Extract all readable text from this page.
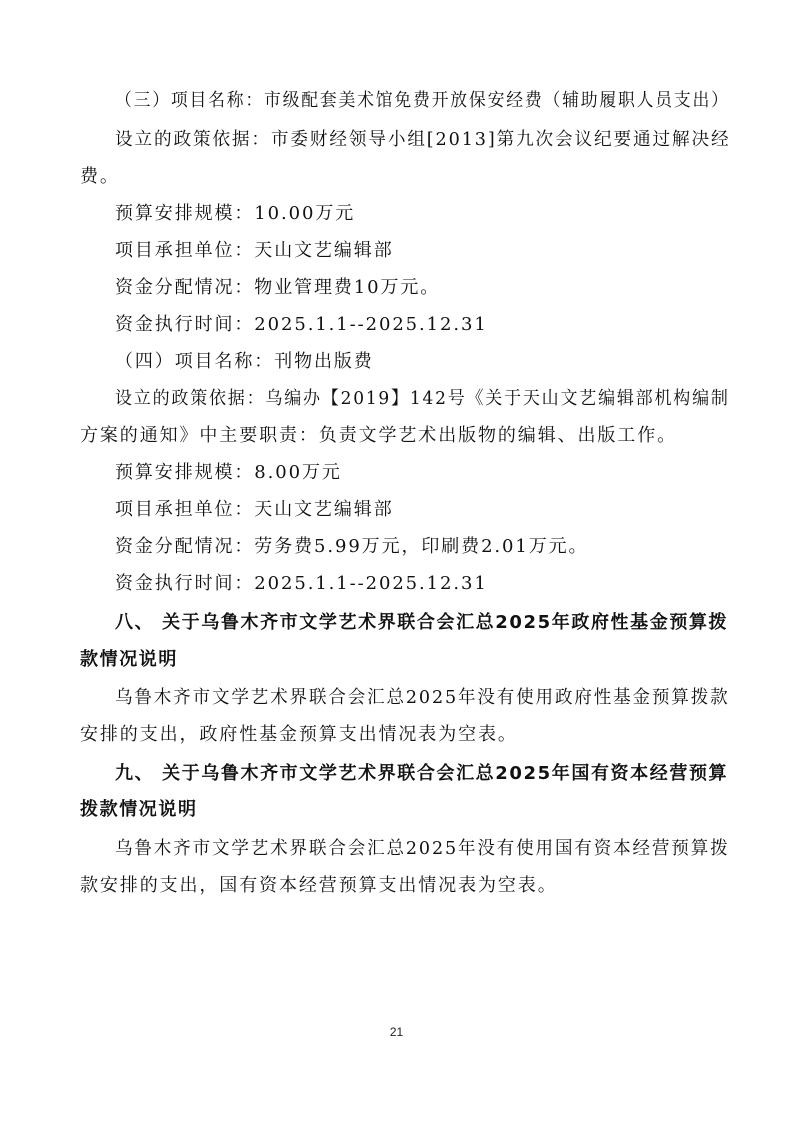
（三）项目名称：市级配套美术馆免费开放保安经费（辅助履职人员支出）
设立的政策依据：市委财经领导小组[2013]第九次会议纪要通过解决经
费。
预算安排规模：10.00万元
项目承担单位：天山文艺编辑部
资金分配情况：物业管理费10万元。
资金执行时间：2025.1.1--2025.12.31
（四）项目名称：刊物出版费
设立的政策依据：乌编办【2019】142号《关于天山文艺编辑部机构编制
方案的通知》中主要职责：负责文学艺术出版物的编辑、出版工作。
预算安排规模：8.00万元
项目承担单位：天山文艺编辑部
资金分配情况：劳务费5.99万元，印刷费2.01万元。
资金执行时间：2025.1.1--2025.12.31
八、 关于乌鲁木齐市文学艺术界联合会汇总2025年政府性基金预算拨
款情况说明
乌鲁木齐市文学艺术界联合会汇总2025年没有使用政府性基金预算拨款
安排的支出，政府性基金预算支出情况表为空表。
九、 关于乌鲁木齐市文学艺术界联合会汇总2025年国有资本经营预算
拨款情况说明
乌鲁木齐市文学艺术界联合会汇总2025年没有使用国有资本经营预算拨
款安排的支出，国有资本经营预算支出情况表为空表。
21
